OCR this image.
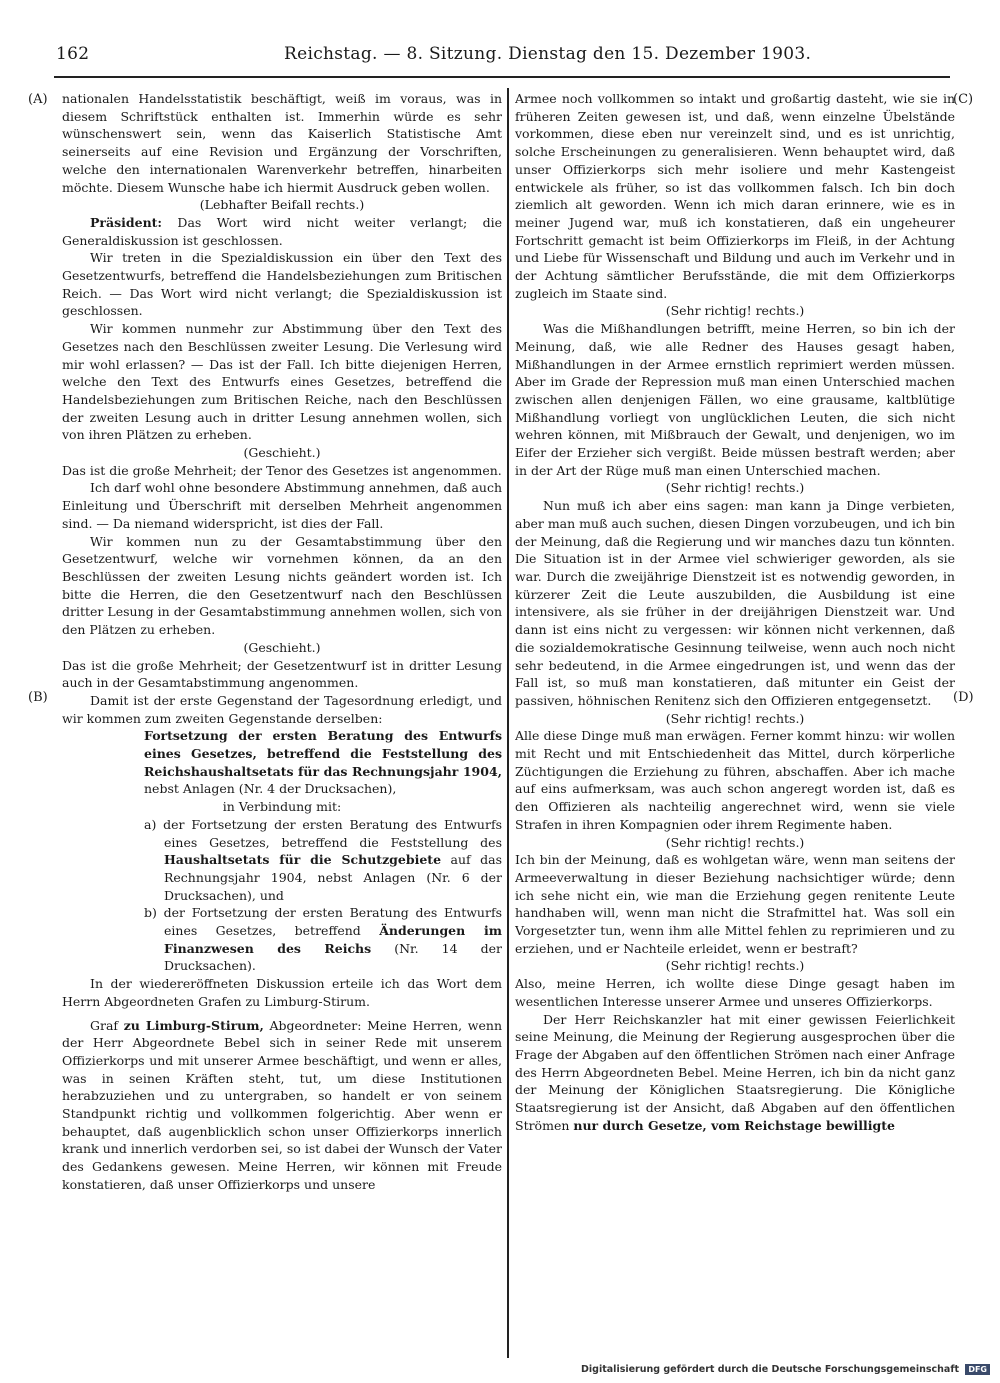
162	Reichstag. — 8. Sitzung. Dienstag den 15. Dezember 1903.
(A)
(B)
(C)
(D)

nationalen Handelsstatistik beschäftigt, weiß im voraus, was in diesem Schriftstück enthalten ist. Immerhin würde es sehr wünschenswert sein, wenn das Kaiserlich Statistische Amt seinerseits auf eine Revision und Ergänzung der Vorschriften, welche den internationalen Warenverkehr betreffen, hinarbeiten möchte. Diesem Wunsche habe ich hiermit Ausdruck geben wollen.

(Lebhafter Beifall rechts.)

Präsident: Das Wort wird nicht weiter verlangt; die Generaldiskussion ist geschlossen.

Wir treten in die Spezialdiskussion ein über den Text des Gesetzentwurfs, betreffend die Handelsbeziehungen zum Britischen Reich. — Das Wort wird nicht verlangt; die Spezialdiskussion ist geschlossen.

Wir kommen nunmehr zur Abstimmung über den Text des Gesetzes nach den Beschlüssen zweiter Lesung. Die Verlesung wird mir wohl erlassen? — Das ist der Fall. Ich bitte diejenigen Herren, welche den Text des Entwurfs eines Gesetzes, betreffend die Handelsbeziehungen zum Britischen Reiche, nach den Beschlüssen der zweiten Lesung auch in dritter Lesung annehmen wollen, sich von ihren Plätzen zu erheben.

(Geschieht.)

Das ist die große Mehrheit; der Tenor des Gesetzes ist angenommen.

Ich darf wohl ohne besondere Abstimmung annehmen, daß auch Einleitung und Überschrift mit derselben Mehrheit angenommen sind. — Da niemand widerspricht, ist dies der Fall.

Wir kommen nun zu der Gesamtabstimmung über den Gesetzentwurf, welche wir vornehmen können, da an den Beschlüssen der zweiten Lesung nichts geändert worden ist. Ich bitte die Herren, die den Gesetzentwurf nach den Beschlüssen dritter Lesung in der Gesamtabstimmung annehmen wollen, sich von den Plätzen zu erheben.

(Geschieht.)

Das ist die große Mehrheit; der Gesetzentwurf ist in dritter Lesung auch in der Gesamtabstimmung angenommen.

Damit ist der erste Gegenstand der Tagesordnung erledigt, und wir kommen zum zweiten Gegenstande derselben:

Fortsetzung der ersten Beratung des Entwurfs eines Gesetzes, betreffend die Feststellung des Reichshaushaltsetats für das Rechnungsjahr 1904, nebst Anlagen (Nr. 4 der Drucksachen),

in Verbindung mit:

a) der Fortsetzung der ersten Beratung des Entwurfs eines Gesetzes, betreffend die Feststellung des Haushaltsetats für die Schutzgebiete auf das Rechnungsjahr 1904, nebst Anlagen (Nr. 6 der Drucksachen), und

b) der Fortsetzung der ersten Beratung des Entwurfs eines Gesetzes, betreffend Änderungen im Finanzwesen des Reichs (Nr. 14 der Drucksachen).

In der wiedereröffneten Diskussion erteile ich das Wort dem Herrn Abgeordneten Grafen zu Limburg-Stirum.

Graf zu Limburg-Stirum, Abgeordneter: Meine Herren, wenn der Herr Abgeordnete Bebel sich in seiner Rede mit unserem Offizierkorps und mit unserer Armee beschäftigt, und wenn er alles, was in seinen Kräften steht, tut, um diese Institutionen herabzuziehen und zu untergraben, so handelt er von seinem Standpunkt richtig und vollkommen folgerichtig. Aber wenn er behauptet, daß augenblicklich schon unser Offizierkorps innerlich krank und innerlich verdorben sei, so ist dabei der Wunsch der Vater des Gedankens gewesen. Meine Herren, wir können mit Freude konstatieren, daß unser Offizierkorps und unsere

Armee noch vollkommen so intakt und großartig dasteht, wie sie in früheren Zeiten gewesen ist, und daß, wenn einzelne Übelstände vorkommen, diese eben nur vereinzelt sind, und es ist unrichtig, solche Erscheinungen zu generalisieren. Wenn behauptet wird, daß unser Offizierkorps sich mehr isoliere und mehr Kastengeist entwickele als früher, so ist das vollkommen falsch. Ich bin doch ziemlich alt geworden. Wenn ich mich daran erinnere, wie es in meiner Jugend war, muß ich konstatieren, daß ein ungeheurer Fortschritt gemacht ist beim Offizierkorps im Fleiß, in der Achtung und Liebe für Wissenschaft und Bildung und auch im Verkehr und in der Achtung sämtlicher Berufsstände, die mit dem Offizierkorps zugleich im Staate sind.

(Sehr richtig! rechts.)

Was die Mißhandlungen betrifft, meine Herren, so bin ich der Meinung, daß, wie alle Redner des Hauses gesagt haben, Mißhandlungen in der Armee ernstlich reprimiert werden müssen. Aber im Grade der Repression muß man einen Unterschied machen zwischen allen denjenigen Fällen, wo eine grausame, kaltblütige Mißhandlung vorliegt von unglücklichen Leuten, die sich nicht wehren können, mit Mißbrauch der Gewalt, und denjenigen, wo im Eifer der Erzieher sich vergißt. Beide müssen bestraft werden; aber in der Art der Rüge muß man einen Unterschied machen.

(Sehr richtig! rechts.)

Nun muß ich aber eins sagen: man kann ja Dinge verbieten, aber man muß auch suchen, diesen Dingen vorzubeugen, und ich bin der Meinung, daß die Regierung und wir manches dazu tun könnten. Die Situation ist in der Armee viel schwieriger geworden, als sie war. Durch die zweijährige Dienstzeit ist es notwendig geworden, in kürzerer Zeit die Leute auszubilden, die Ausbildung ist eine intensivere, als sie früher in der dreijährigen Dienstzeit war. Und dann ist eins nicht zu vergessen: wir können nicht verkennen, daß die sozialdemokratische Gesinnung teilweise, wenn auch noch nicht sehr bedeutend, in die Armee eingedrungen ist, und wenn das der Fall ist, so muß man konstatieren, daß mitunter ein Geist der passiven, höhnischen Renitenz sich den Offizieren entgegensetzt.

(Sehr richtig! rechts.)

Alle diese Dinge muß man erwägen. Ferner kommt hinzu: wir wollen mit Recht und mit Entschiedenheit das Mittel, durch körperliche Züchtigungen die Erziehung zu führen, abschaffen. Aber ich mache auf eins aufmerksam, was auch schon angeregt worden ist, daß es den Offizieren als nachteilig angerechnet wird, wenn sie viele Strafen in ihren Kompagnien oder ihrem Regimente haben.

(Sehr richtig! rechts.)

Ich bin der Meinung, daß es wohlgetan wäre, wenn man seitens der Armeeverwaltung in dieser Beziehung nachsichtiger würde; denn ich sehe nicht ein, wie man die Erziehung gegen renitente Leute handhaben will, wenn man nicht die Strafmittel hat. Was soll ein Vorgesetzter tun, wenn ihm alle Mittel fehlen zu reprimieren und zu erziehen, und er Nachteile erleidet, wenn er bestraft?

(Sehr richtig! rechts.)

Also, meine Herren, ich wollte diese Dinge gesagt haben im wesentlichen Interesse unserer Armee und unseres Offizierkorps.

Der Herr Reichskanzler hat mit einer gewissen Feierlichkeit seine Meinung, die Meinung der Regierung ausgesprochen über die Frage der Abgaben auf den öffentlichen Strömen nach einer Anfrage des Herrn Abgeordneten Bebel. Meine Herren, ich bin da nicht ganz der Meinung der Königlichen Staatsregierung. Die Königliche Staatsregierung ist der Ansicht, daß Abgaben auf den öffentlichen Strömen nur durch Gesetze, vom Reichstage bewilligte

Digitalisierung gefördert durch die Deutsche Forschungsgemeinschaft DFG
